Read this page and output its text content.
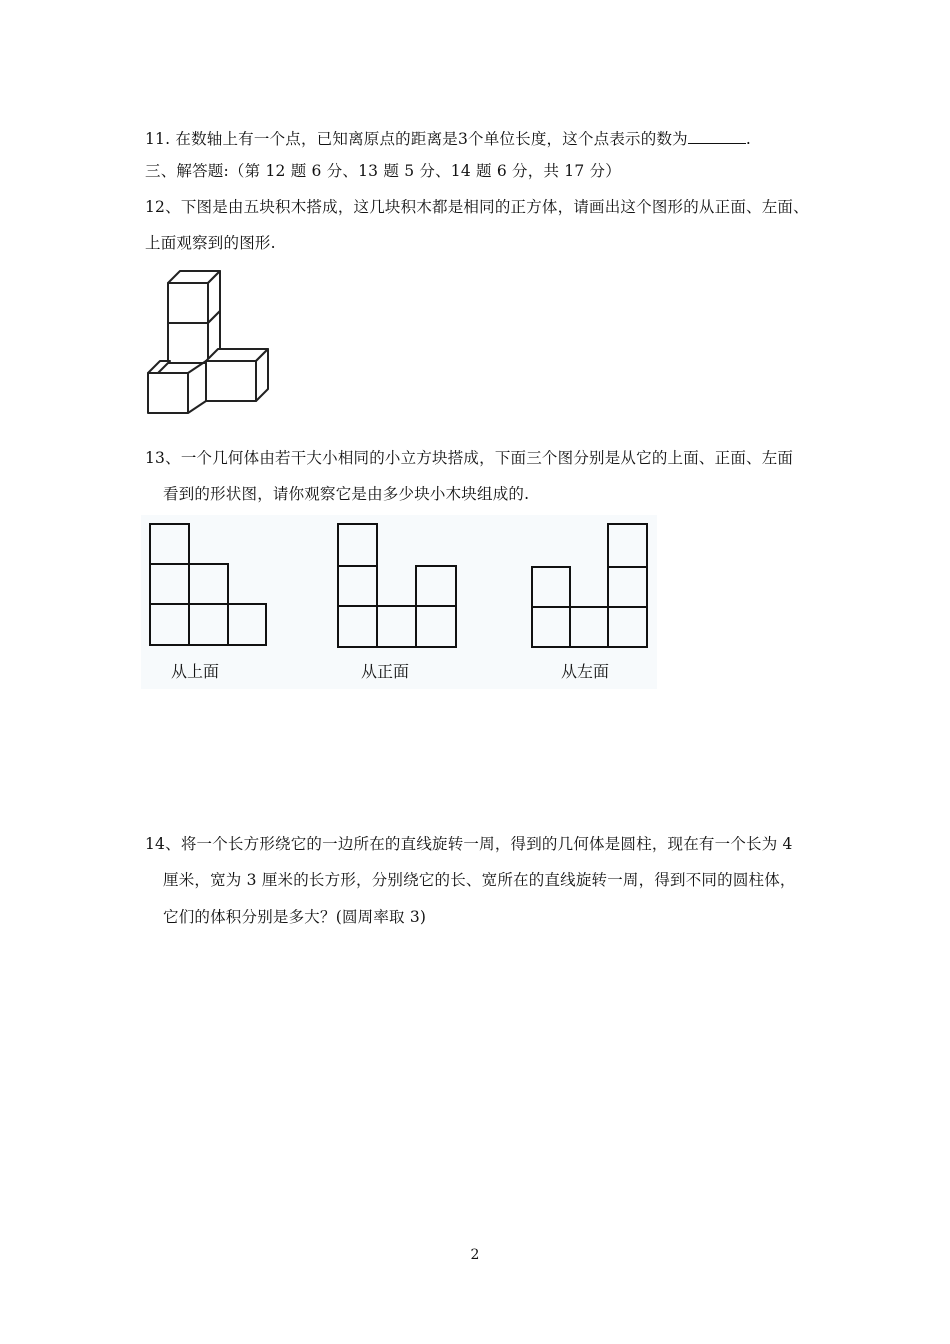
11. 在数轴上有一个点，已知离原点的距离是3个单位长度，这个点表示的数为	.
三、解答题:（第 12 题 6 分、13 题 5 分、14 题 6 分，共 17 分）
12、下图是由五块积木搭成，这几块积木都是相同的正方体，请画出这个图形的从正面、左面、
上面观察到的图形.
13、一个几何体由若干大小相同的小立方块搭成，下面三个图分别是从它的上面、正面、左面
看到的形状图，请你观察它是由多少块小木块组成的.
从上面	从正面	从左面
14、将一个长方形绕它的一边所在的直线旋转一周，得到的几何体是圆柱，现在有一个长为 4
厘米，宽为 3 厘米的长方形，分别绕它的长、宽所在的直线旋转一周，得到不同的圆柱体，
它们的体积分别是多大？(圆周率取 3)
2
